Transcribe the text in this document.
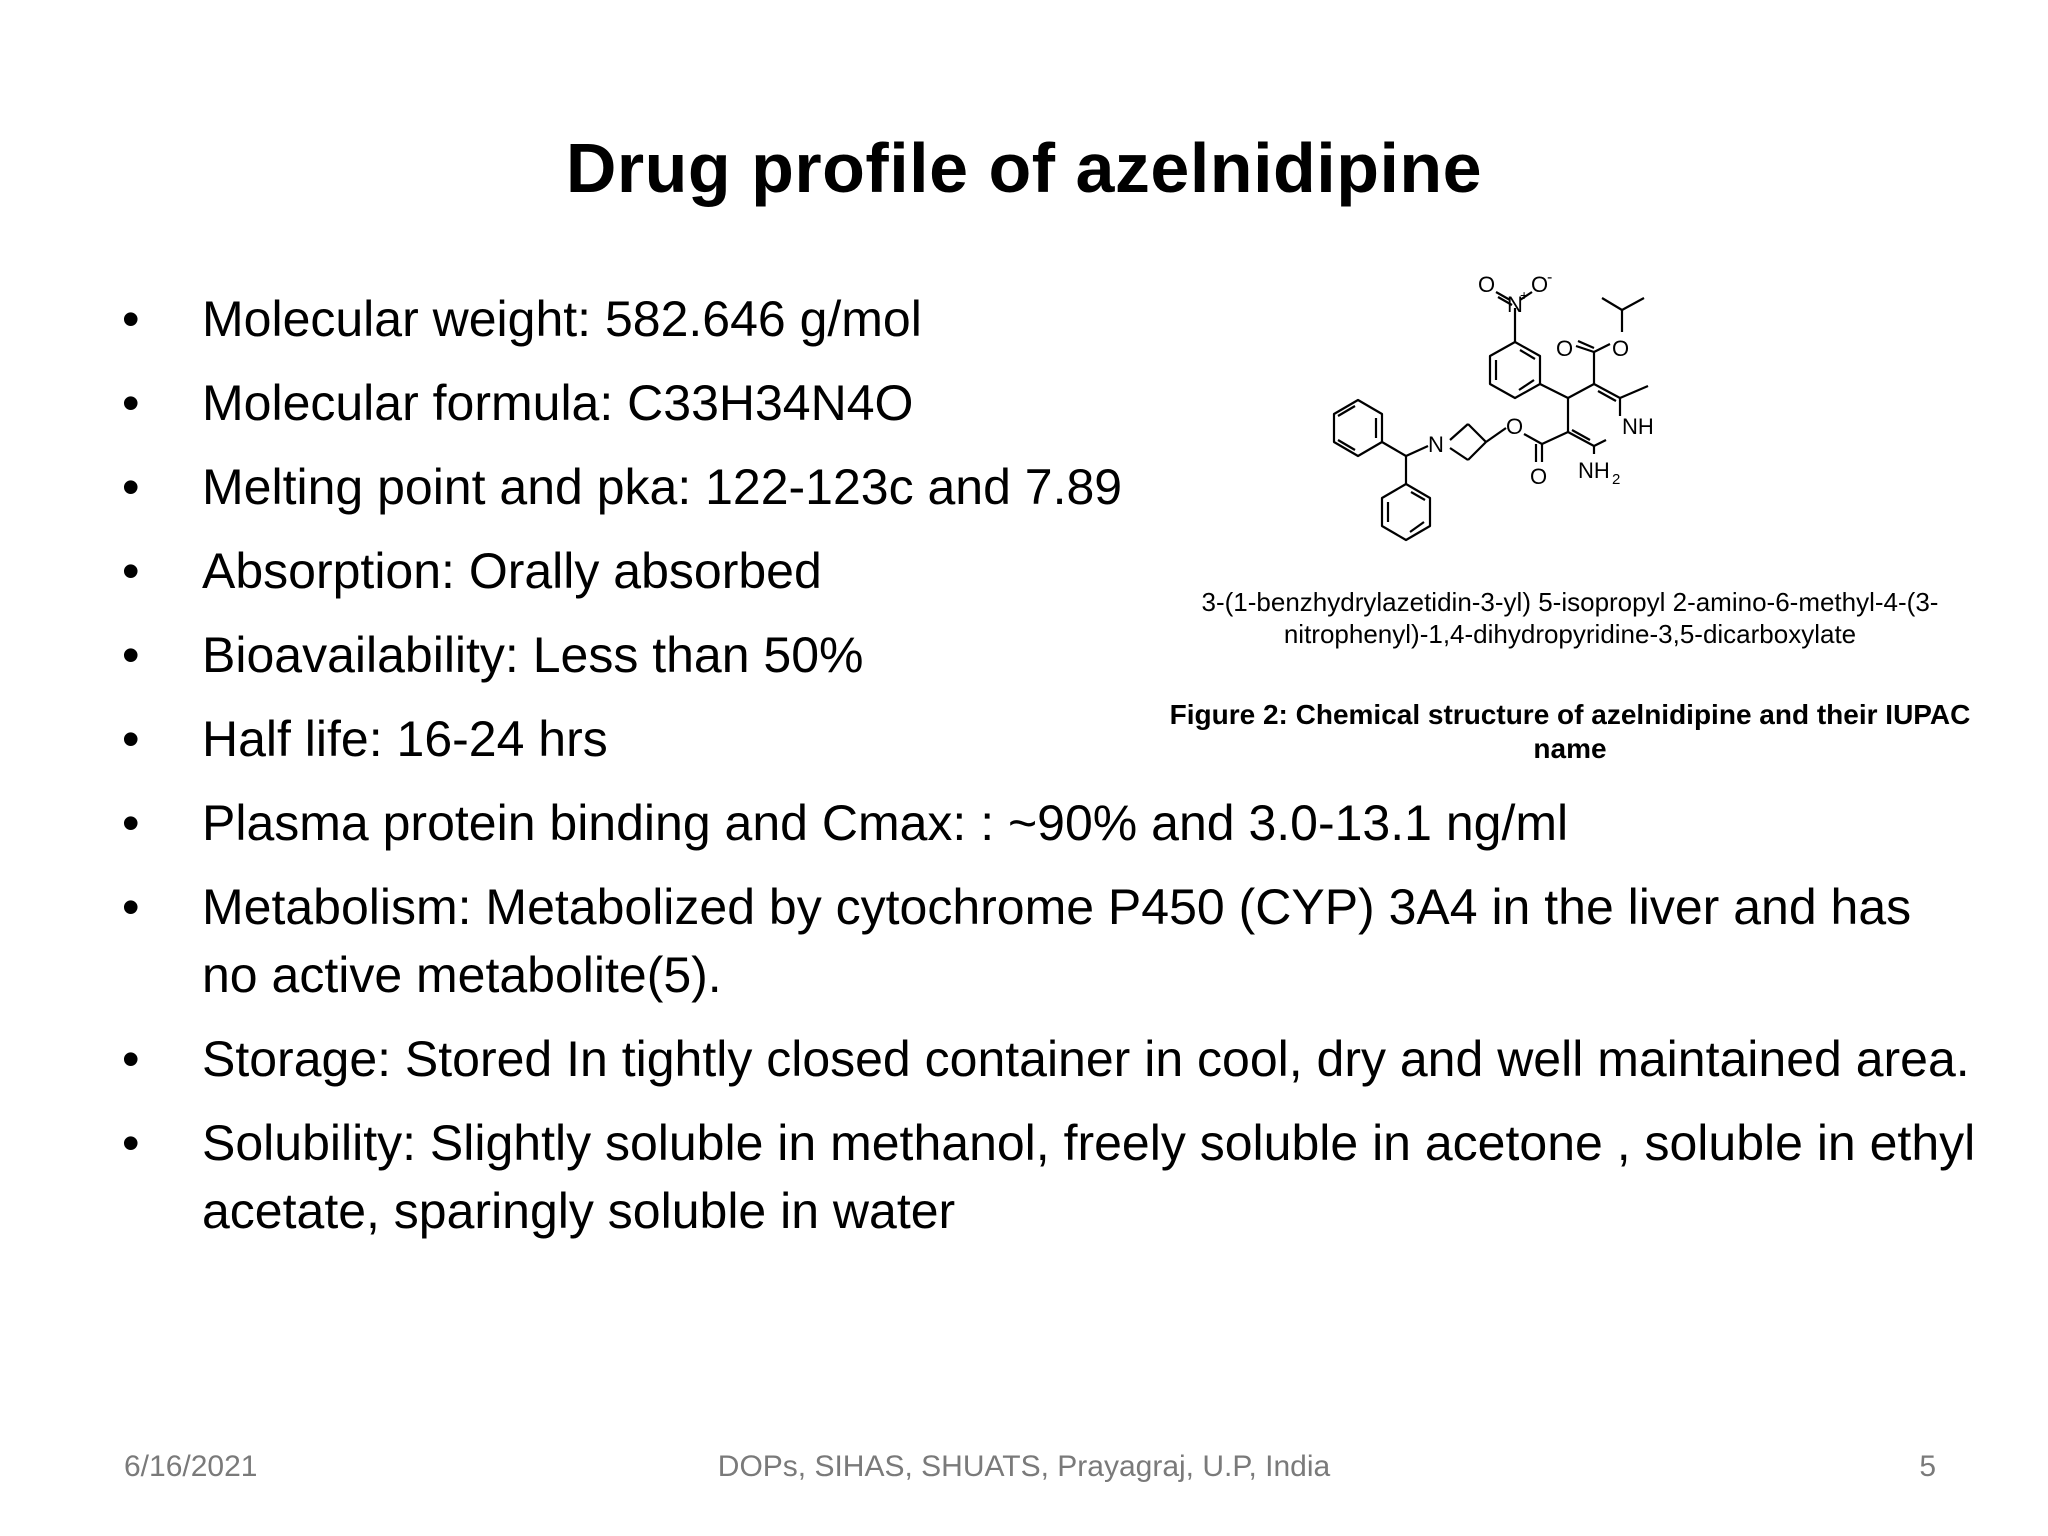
Drug profile of azelnidipine
• Molecular weight: 582.646 g/mol
• Molecular formula: C33H34N4O
• Melting point and pka: 122-123c and 7.89
• Absorption: Orally absorbed
• Bioavailability: Less than 50%
• Half life: 16-24 hrs
• Plasma protein binding and Cmax: : ~90% and 3.0-13.1 ng/ml
• Metabolism: Metabolized by cytochrome P450 (CYP) 3A4 in the liver and has no active metabolite(5).
• Storage: Stored In tightly closed container in cool, dry and well maintained area.
• Solubility: Slightly soluble in methanol, freely soluble in acetone , soluble in ethyl acetate, sparingly soluble in water
O
N
O
+
-
O O
NH
NH 2
O
O
N
3-(1-benzhydrylazetidin-3-yl) 5-isopropyl 2-amino-6-methyl-4-(3-nitrophenyl)-1,4-dihydropyridine-3,5-dicarboxylate
Figure 2: Chemical structure of azelnidipine and their IUPAC name
6/16/2021	DOPs, SIHAS, SHUATS, Prayagraj, U.P, India	5
